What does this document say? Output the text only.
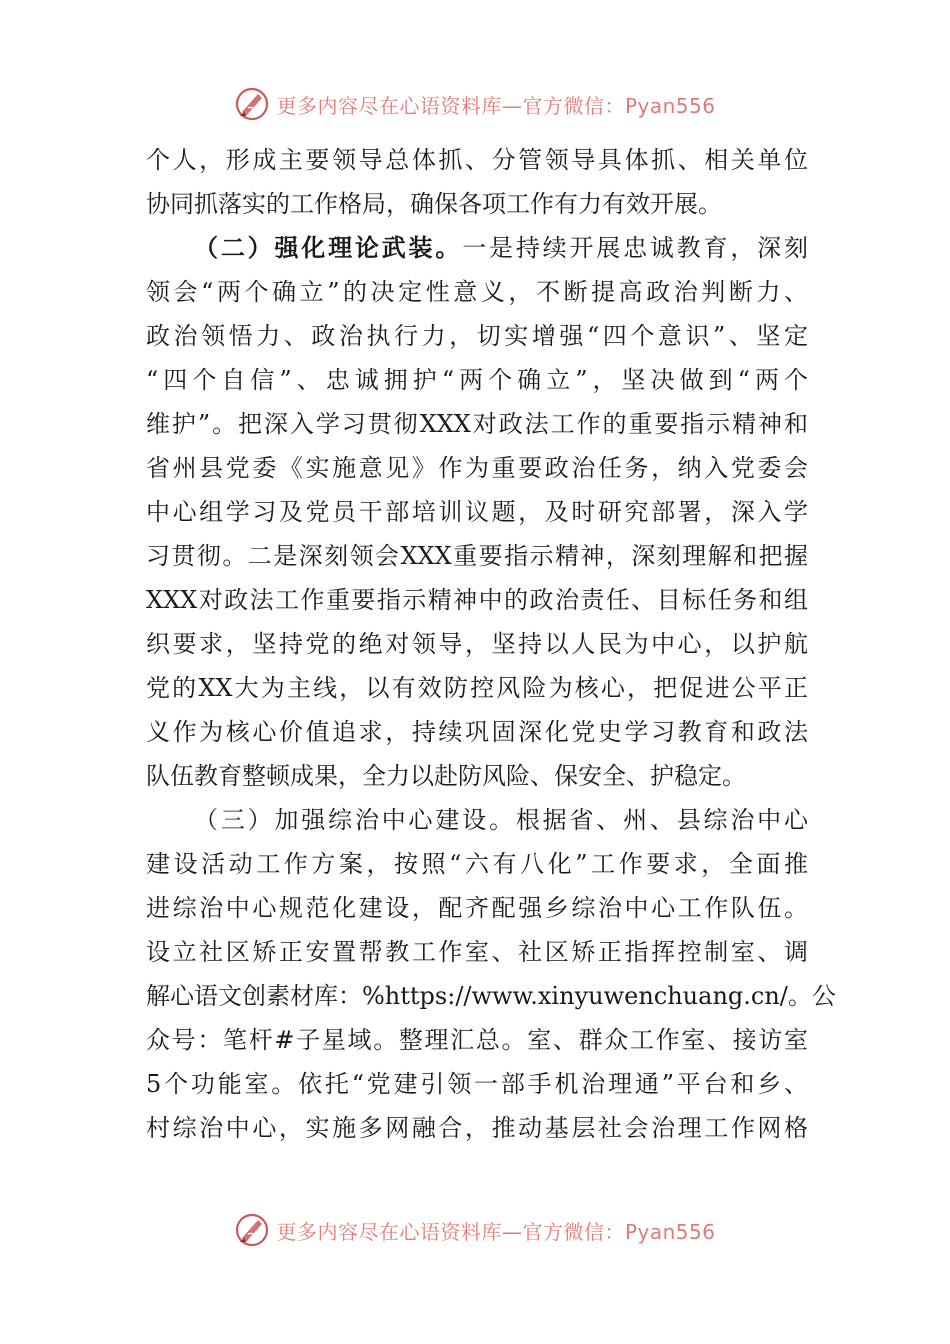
更多内容尽在心语资料库—官方微信：Pyan556
个人，形成主要领导总体抓、分管领导具体抓、相关单位
协同抓落实的工作格局，确保各项工作有力有效开展。
（二）强化理论武装。一是持续开展忠诚教育，深刻
领会“两个确立”的决定性意义，不断提高政治判断力、
政治领悟力、政治执行力，切实增强“四个意识”、坚定
“四个自信”、忠诚拥护“两个确立”，坚决做到“两个
维护”。把深入学习贯彻XXX对政法工作的重要指示精神和
省州县党委《实施意见》作为重要政治任务，纳入党委会
中心组学习及党员干部培训议题，及时研究部署，深入学
习贯彻。二是深刻领会XXX重要指示精神，深刻理解和把握
XXX对政法工作重要指示精神中的政治责任、目标任务和组
织要求，坚持党的绝对领导，坚持以人民为中心，以护航
党的XX大为主线，以有效防控风险为核心，把促进公平正
义作为核心价值追求，持续巩固深化党史学习教育和政法
队伍教育整顿成果，全力以赴防风险、保安全、护稳定。
（三）加强综治中心建设。根据省、州、县综治中心
建设活动工作方案，按照“六有八化”工作要求，全面推
进综治中心规范化建设，配齐配强乡综治中心工作队伍。
设立社区矫正安置帮教工作室、社区矫正指挥控制室、调
解心语文创素材库：%https://www.xinyuwenchuang.cn/。公
众号：笔杆#子星域。整理汇总。室、群众工作室、接访室
5个功能室。依托“党建引领一部手机治理通”平台和乡、
村综治中心，实施多网融合，推动基层社会治理工作网格
更多内容尽在心语资料库—官方微信：Pyan556
